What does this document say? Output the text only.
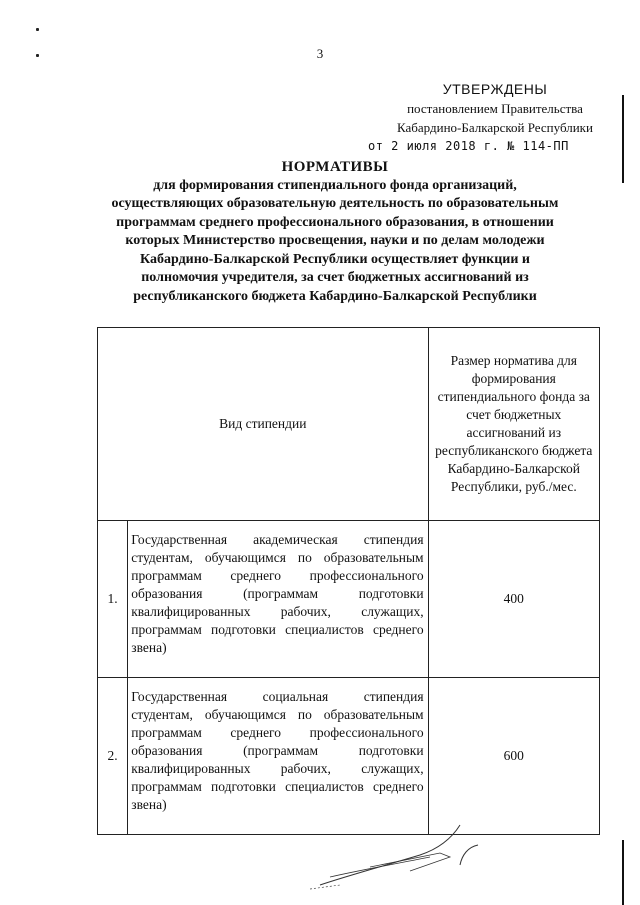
3
УТВЕРЖДЕНЫ
постановлением Правительства
Кабардино-Балкарской Республики
от 2 июля 2018 г. № 114-ПП
НОРМАТИВЫ
для формирования стипендиального фонда организаций,
осуществляющих образовательную деятельность по образовательным
программам среднего профессионального образования, в отношении
которых Министерство просвещения, науки и по делам молодежи
Кабардино-Балкарской Республики осуществляет функции и
полномочия учредителя, за счет бюджетных ассигнований из
республиканского бюджета Кабардино-Балкарской Республики
Вид стипендии		Размер норматива для формирования стипендиального фонда за счет бюджетных ассигнований из республиканского бюджета Кабардино-Балкарской Республики, руб./мес.
1.	Государственная академическая стипендия студентам, обучающимся по образовательным программам среднего профессионального образования (программам подготовки квалифицированных рабочих, служащих, программам подготовки специалистов среднего звена)	400
2.	Государственная социальная стипендия студентам, обучающимся по образовательным программам среднего профессионального образования (программам подготовки квалифицированных рабочих, служащих, программам подготовки специалистов среднего звена)	600
